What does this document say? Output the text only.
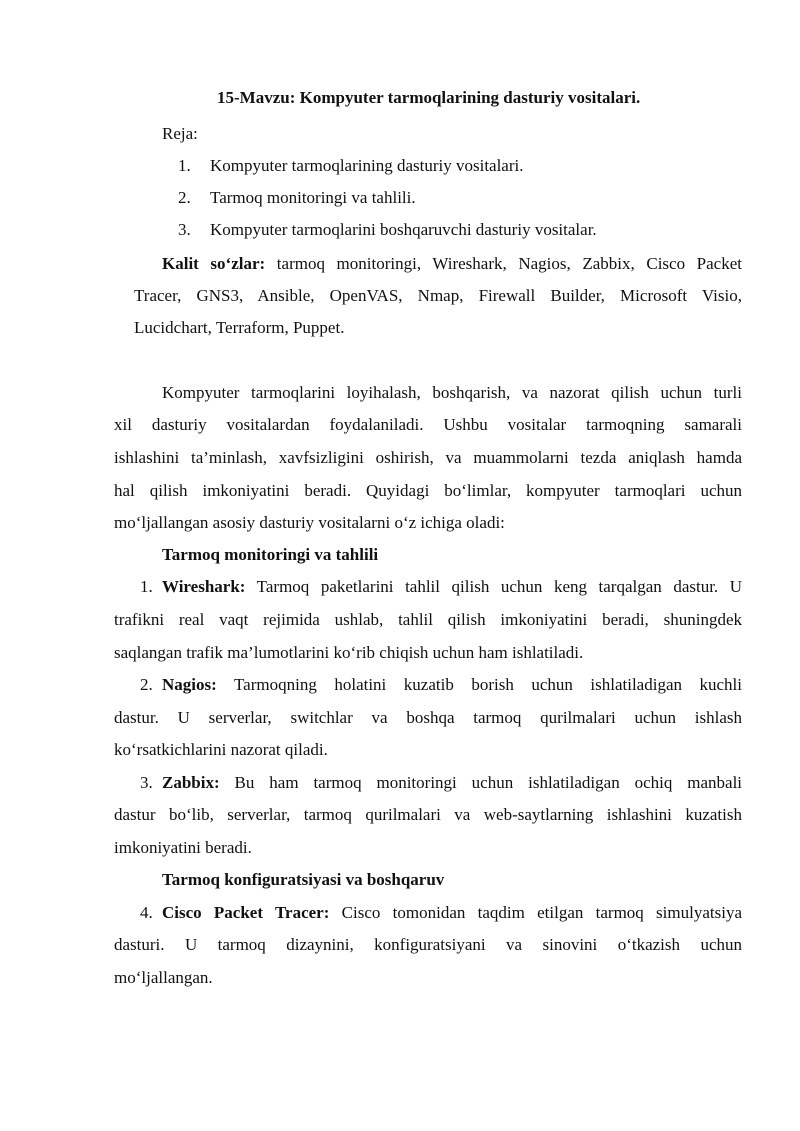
15-Mavzu: Kompyuter tarmoqlarining dasturiy vositalari.
Reja:
1. Kompyuter tarmoqlarining dasturiy vositalari.
2. Tarmoq monitoringi va tahlili.
3. Kompyuter tarmoqlarini boshqaruvchi dasturiy vositalar.
Kalit so‘zlar: tarmoq monitoringi, Wireshark, Nagios, Zabbix, Cisco Packet
Tracer, GNS3, Ansible, OpenVAS, Nmap, Firewall Builder, Microsoft Visio,
Lucidchart, Terraform, Puppet.
Kompyuter tarmoqlarini loyihalash, boshqarish, va nazorat qilish uchun turli
xil dasturiy vositalardan foydalaniladi. Ushbu vositalar tarmoqning samarali
ishlashini ta’minlash, xavfsizligini oshirish, va muammolarni tezda aniqlash hamda
hal qilish imkoniyatini beradi. Quyidagi bo‘limlar, kompyuter tarmoqlari uchun
mo‘ljallangan asosiy dasturiy vositalarni o‘z ichiga oladi:
Tarmoq monitoringi va tahlili
1. Wireshark: Tarmoq paketlarini tahlil qilish uchun keng tarqalgan dastur. U
trafikni real vaqt rejimida ushlab, tahlil qilish imkoniyatini beradi, shuningdek
saqlangan trafik ma’lumotlarini ko‘rib chiqish uchun ham ishlatiladi.
2. Nagios: Tarmoqning holatini kuzatib borish uchun ishlatiladigan kuchli
dastur. U serverlar, switchlar va boshqa tarmoq qurilmalari uchun ishlash
ko‘rsatkichlarini nazorat qiladi.
3. Zabbix: Bu ham tarmoq monitoringi uchun ishlatiladigan ochiq manbali
dastur bo‘lib, serverlar, tarmoq qurilmalari va web-saytlarning ishlashini kuzatish
imkoniyatini beradi.
Tarmoq konfiguratsiyasi va boshqaruv
4. Cisco Packet Tracer: Cisco tomonidan taqdim etilgan tarmoq simulyatsiya
dasturi. U tarmoq dizaynini, konfiguratsiyani va sinovini o‘tkazish uchun
mo‘ljallangan.
